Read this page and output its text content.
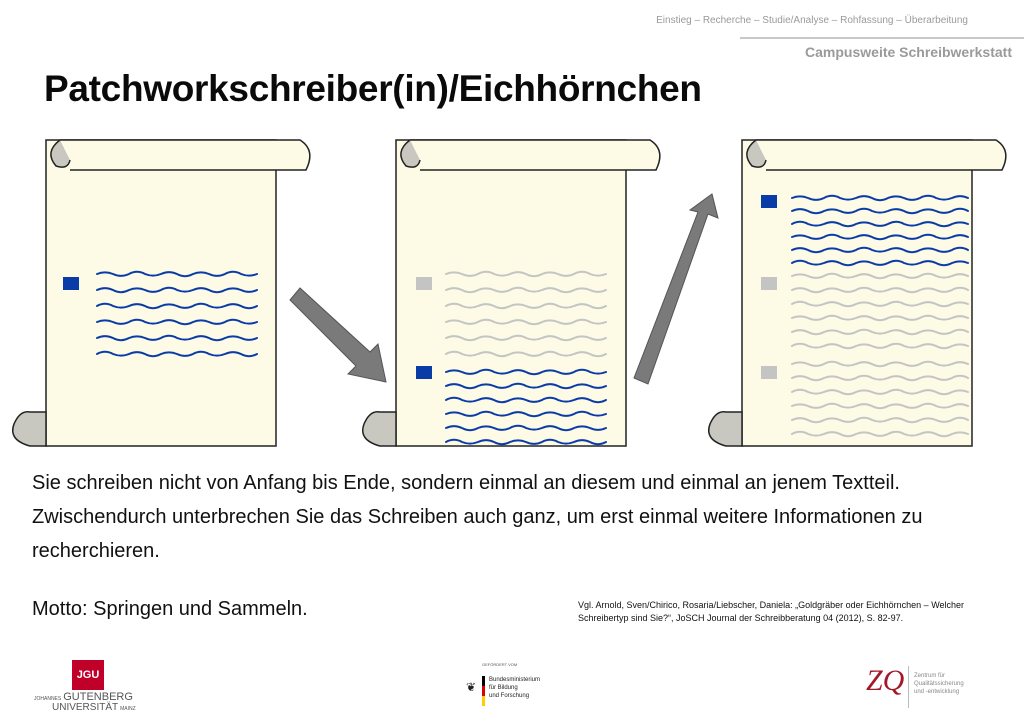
Einstieg – Recherche – Studie/Analyse – Rohfassung – Überarbeitung
Campusweite Schreibwerkstatt
Patchworkschreiber(in)/Eichhörnchen
Sie schreiben nicht von Anfang bis Ende, sondern einmal an diesem und einmal an jenem Textteil. Zwischendurch unterbrechen Sie das Schreiben auch ganz, um erst einmal weitere Informationen zu recherchieren.
Motto: Springen und Sammeln.	Vgl. Arnold, Sven/Chirico, Rosaria/Liebscher, Daniela: „Goldgräber oder Eichhörnchen – Welcher Schreibertyp sind Sie?“, JoSCH Journal der Schreibberatung 04 (2012), S. 82-97.
JGU
JOHANNES GUTENBERG
UNIVERSITÄT MAINZ
GEFÖRDERT VOM
❦ Bundesministerium
für Bildung
und Forschung	ZQ Zentrum für
Qualitätssicherung
und -entwicklung
